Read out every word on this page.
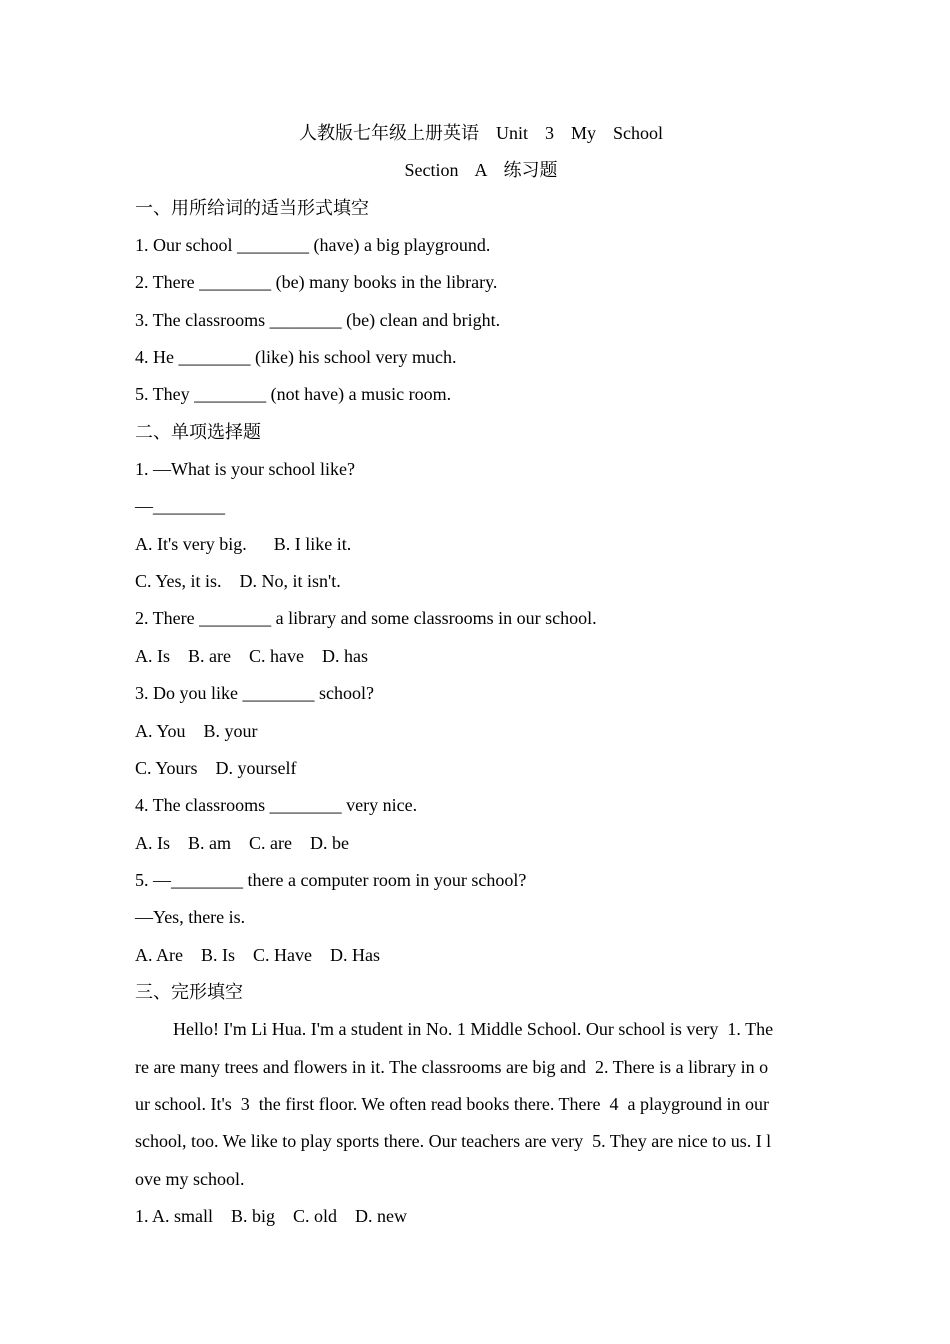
人教版七年级上册英语  Unit  3  My  School
Section  A  练习题
一、用所给词的适当形式填空
1. Our school ________ (have) a big playground.
2. There ________ (be) many books in the library.
3. The classrooms ________ (be) clean and bright.
4. He ________ (like) his school very much.
5. They ________ (not have) a music room.
二、单项选择题
1. —What is your school like?
—________
A. It's very big.      B. I like it.
C. Yes, it is.    D. No, it isn't.
2. There ________ a library and some classrooms in our school.
A. Is    B. are    C. have    D. has
3. Do you like ________ school?
A. You    B. your
C. Yours    D. yourself
4. The classrooms ________ very nice.
A. Is    B. am    C. are    D. be
5. —________ there a computer room in your school?
—Yes, there is.
A. Are    B. Is    C. Have    D. Has
三、完形填空
Hello! I'm Li Hua. I'm a student in No. 1 Middle School. Our school is very  1. The
re are many trees and flowers in it. The classrooms are big and  2. There is a library in o
ur school. It's  3  the first floor. We often read books there. There  4  a playground in our
school, too. We like to play sports there. Our teachers are very  5. They are nice to us. I l
ove my school.
1. A. small    B. big    C. old    D. new
